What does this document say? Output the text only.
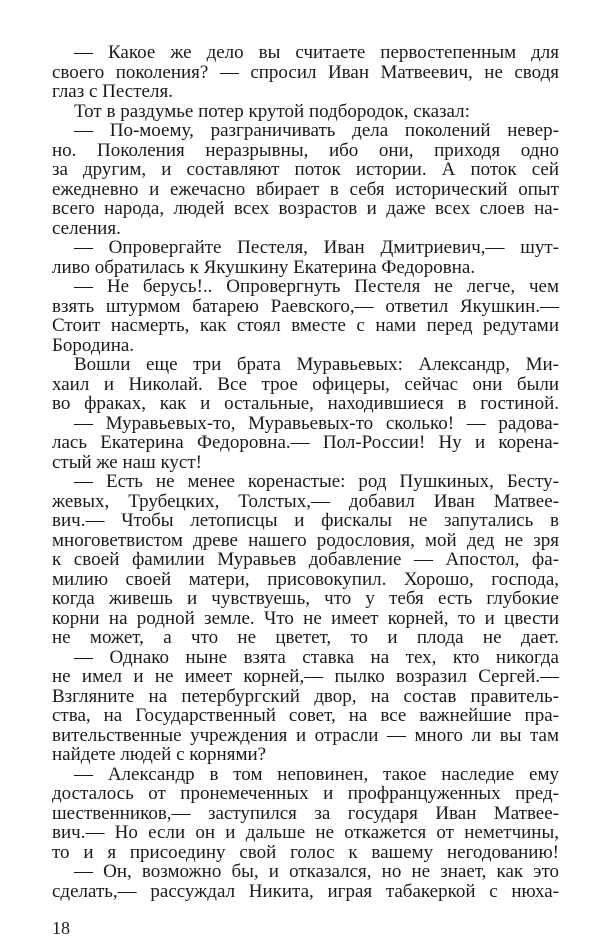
— Какое же дело вы считаете первостепенным для
своего поколения? — спросил Иван Матвеевич, не сводя
глаз с Пестеля.
Тот в раздумье потер крутой подбородок, сказал:
— По-моему, разграничивать дела поколений невер-
но. Поколения неразрывны, ибо они, приходя одно
за другим, и составляют поток истории. А поток сей
ежедневно и ежечасно вбирает в себя исторический опыт
всего народа, людей всех возрастов и даже всех слоев на-
селения.
— Опровергайте Пестеля, Иван Дмитриевич,— шут-
ливо обратилась к Якушкину Екатерина Федоровна.
— Не берусь!.. Опровергнуть Пестеля не легче, чем
взять штурмом батарею Раевского,— ответил Якушкин.—
Стоит насмерть, как стоял вместе с нами перед редутами
Бородина.
Вошли еще три брата Муравьевых: Александр, Ми-
хаил и Николай. Все трое офицеры, сейчас они были
во фраках, как и остальные, находившиеся в гостиной.
— Муравьевых-то, Муравьевых-то сколько! — радова-
лась Екатерина Федоровна.— Пол-России! Ну и корена-
стый же наш куст!
— Есть не менее коренастые: род Пушкиных, Бесту-
жевых, Трубецких, Толстых,— добавил Иван Матвее-
вич.— Чтобы летописцы и фискалы не запутались в
многоветвистом древе нашего родословия, мой дед не зря
к своей фамилии Муравьев добавление — Апостол, фа-
милию своей матери, присовокупил. Хорошо, господа,
когда живешь и чувствуешь, что у тебя есть глубокие
корни на родной земле. Что не имеет корней, то и цвести
не может, а что не цветет, то и плода не дает.
— Однако ныне взята ставка на тех, кто никогда
не имел и не имеет корней,— пылко возразил Сергей.—
Взгляните на петербургский двор, на состав правитель-
ства, на Государственный совет, на все важнейшие пра-
вительственные учреждения и отрасли — много ли вы там
найдете людей с корнями?
— Александр в том неповинен, такое наследие ему
досталось от пронемеченных и профранцуженных пред-
шественников,— заступился за государя Иван Матвее-
вич.— Но если он и дальше не откажется от неметчины,
то и я присоедину свой голос к вашему негодованию!
— Он, возможно бы, и отказался, но не знает, как это
сделать,— рассуждал Никита, играя табакеркой с нюха-
18
